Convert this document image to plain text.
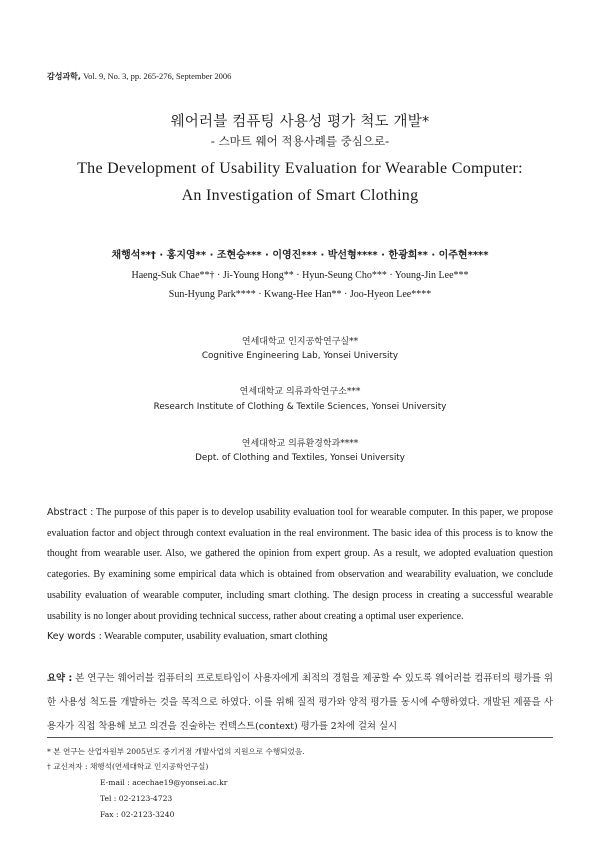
감성과학, Vol. 9, No. 3, pp. 265-276, September 2006
웨어러블 컴퓨팅 사용성 평가 척도 개발*
- 스마트 웨어 적용사례를 중심으로-
The Development of Usability Evaluation for Wearable Computer:
An Investigation of Smart Clothing
채행석**† · 홍지영** · 조현승*** · 이영진*** · 박선형**** · 한광희** · 이주현****
Haeng-Suk Chae**† · Ji-Young Hong** · Hyun-Seung Cho*** · Young-Jin Lee***
Sun-Hyung Park**** · Kwang-Hee Han** · Joo-Hyeon Lee****
연세대학교 인지공학연구실**
Cognitive Engineering Lab, Yonsei University
연세대학교 의류과학연구소***
Research Institute of Clothing & Textile Sciences, Yonsei University
연세대학교 의류환경학과****
Dept. of Clothing and Textiles, Yonsei University
Abstract : The purpose of this paper is to develop usability evaluation tool for wearable computer. In this paper, we propose evaluation factor and object through context evaluation in the real environment. The basic idea of this process is to know the thought from wearable user. Also, we gathered the opinion from expert group. As a result, we adopted evaluation question categories. By examining some empirical data which is obtained from observation and wearability evaluation, we conclude usability evaluation of wearable computer, including smart clothing. The design process in creating a successful wearable usability is no longer about providing technical success, rather about creating a optimal user experience.
Key words : Wearable computer, usability evaluation, smart clothing
요약 : 본 연구는 웨어러블 컴퓨터의 프로토타입이 사용자에게 최적의 경험을 제공할 수 있도록 웨어러블 컴퓨터의 평가를 위한 사용성 척도를 개발하는 것을 목적으로 하였다. 이를 위해 질적 평가와 양적 평가를 동시에 수행하였다. 개발된 제품을 사용자가 직접 착용해 보고 의견을 진술하는 컨텍스트(context) 평가를 2차에 걸쳐 실시
* 본 연구는 산업자원부 2005년도 중기거점 개발사업의 지원으로 수행되었음.
† 교신저자 : 채행석(연세대학교 인지공학연구실)
E-mail : acechae19@yonsei.ac.kr
Tel : 02-2123-4723
Fax : 02-2123-3240
